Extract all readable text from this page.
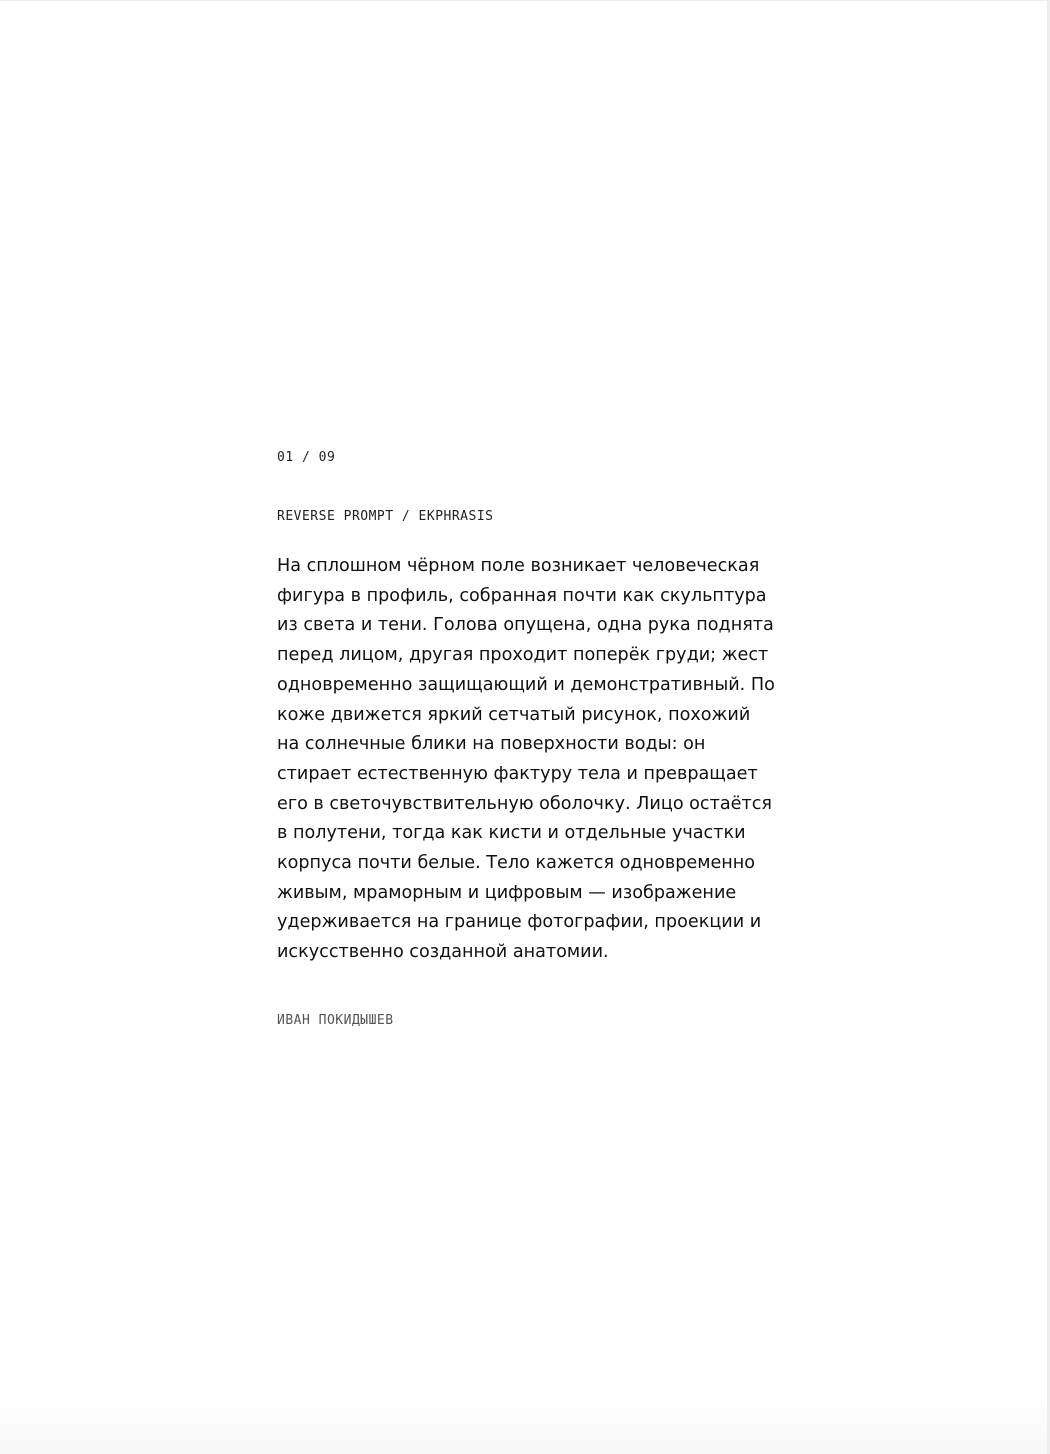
01 / 09

REVERSE PROMPT / EKPHRASIS

На сплошном чёрном поле возникает человеческая фигура в профиль, собранная почти как скульптура из света и тени. Голова опущена, одна рука поднята перед лицом, другая проходит поперёк груди; жест одновременно защищающий и демонстративный. По коже движется яркий сетчатый рисунок, похожий на солнечные блики на поверхности воды: он стирает естественную фактуру тела и превращает его в светочувствительную оболочку. Лицо остаётся в полутени, тогда как кисти и отдельные участки корпуса почти белые. Тело кажется одновременно живым, мраморным и цифровым — изображение удерживается на границе фотографии, проекции и искусственно созданной анатомии.

ИВАН ПОКИДЫШЕВ
